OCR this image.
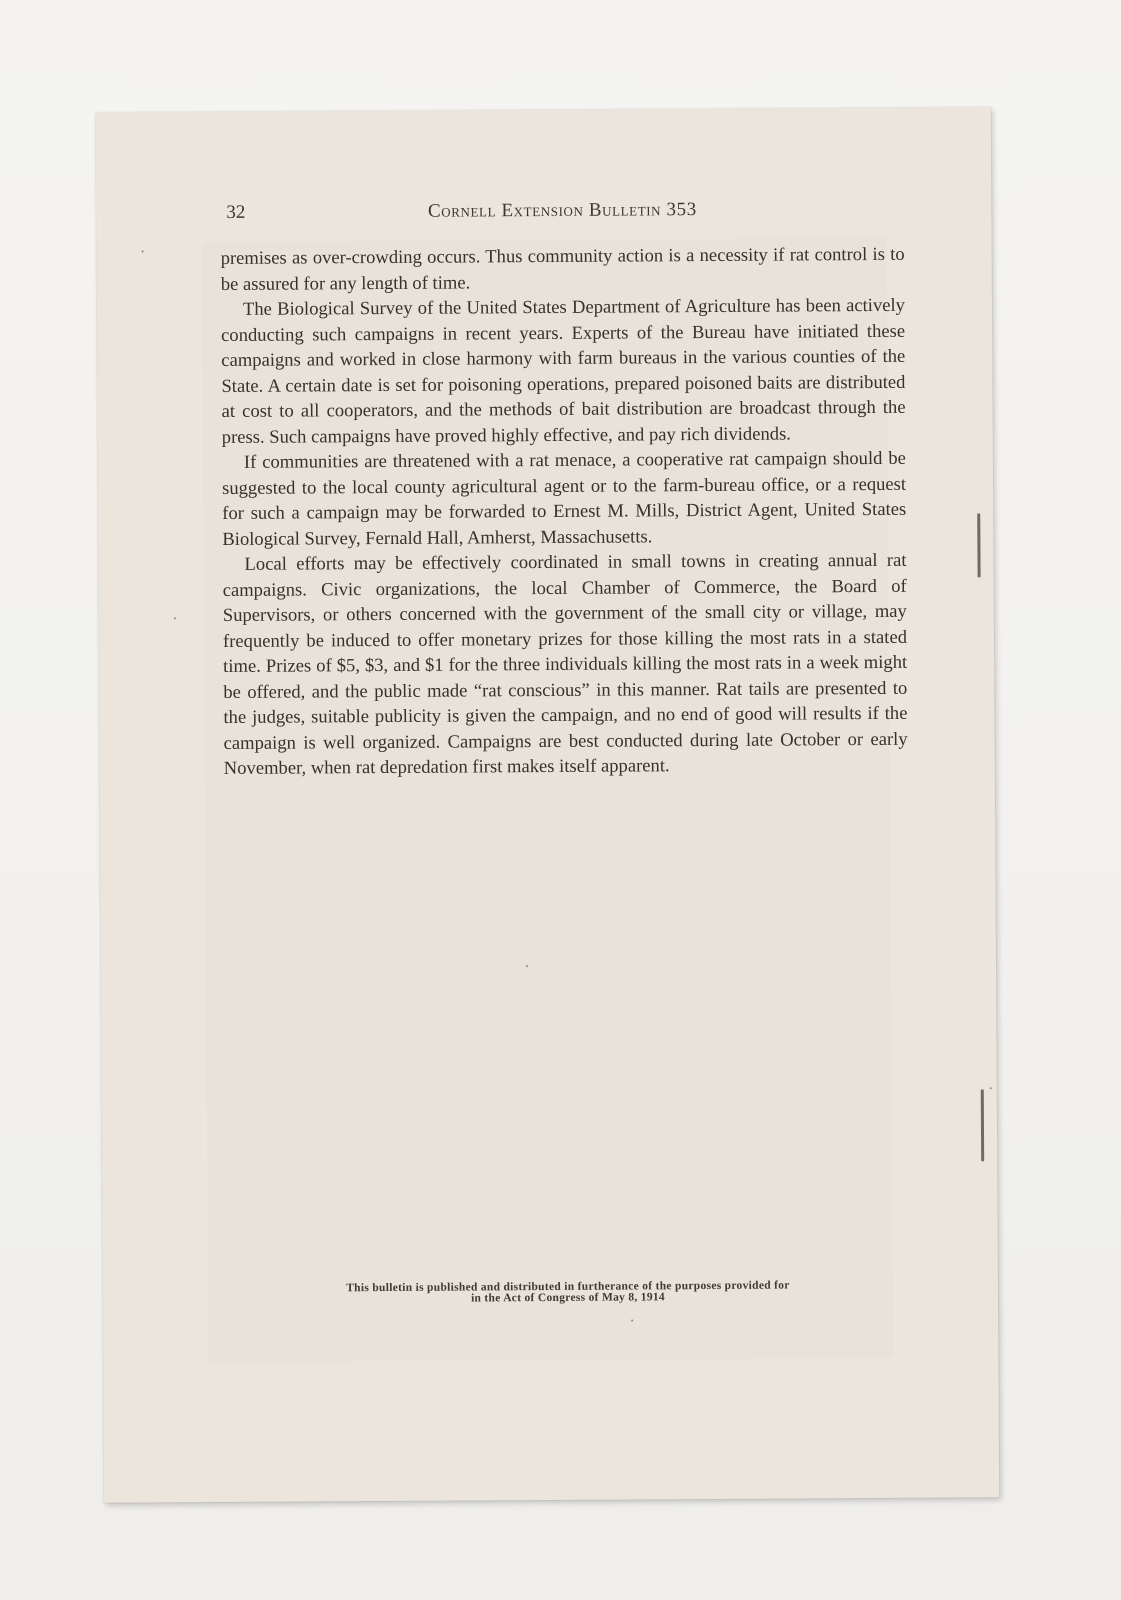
32	Cornell Extension Bulletin 353

premises as over-crowding occurs. Thus community action is a necessity if rat control is to be assured for any length of time.

The Biological Survey of the United States Department of Agriculture has been actively conducting such campaigns in recent years. Experts of the Bureau have initiated these campaigns and worked in close harmony with farm bureaus in the various counties of the State. A certain date is set for poisoning operations, prepared poisoned baits are distributed at cost to all cooperators, and the methods of bait distribution are broadcast through the press. Such campaigns have proved highly effective, and pay rich dividends.

If communities are threatened with a rat menace, a cooperative rat campaign should be suggested to the local county agricultural agent or to the farm-bureau office, or a request for such a campaign may be forwarded to Ernest M. Mills, District Agent, United States Biological Survey, Fernald Hall, Amherst, Massachusetts.

Local efforts may be effectively coordinated in small towns in creating annual rat campaigns. Civic organizations, the local Chamber of Commerce, the Board of Supervisors, or others concerned with the government of the small city or village, may frequently be induced to offer monetary prizes for those killing the most rats in a stated time. Prizes of $5, $3, and $1 for the three individuals killing the most rats in a week might be offered, and the public made “rat conscious” in this manner. Rat tails are presented to the judges, suitable publicity is given the campaign, and no end of good will results if the campaign is well organized. Campaigns are best conducted during late October or early November, when rat depredation first makes itself apparent.

This bulletin is published and distributed in furtherance of the purposes provided for
in the Act of Congress of May 8, 1914
